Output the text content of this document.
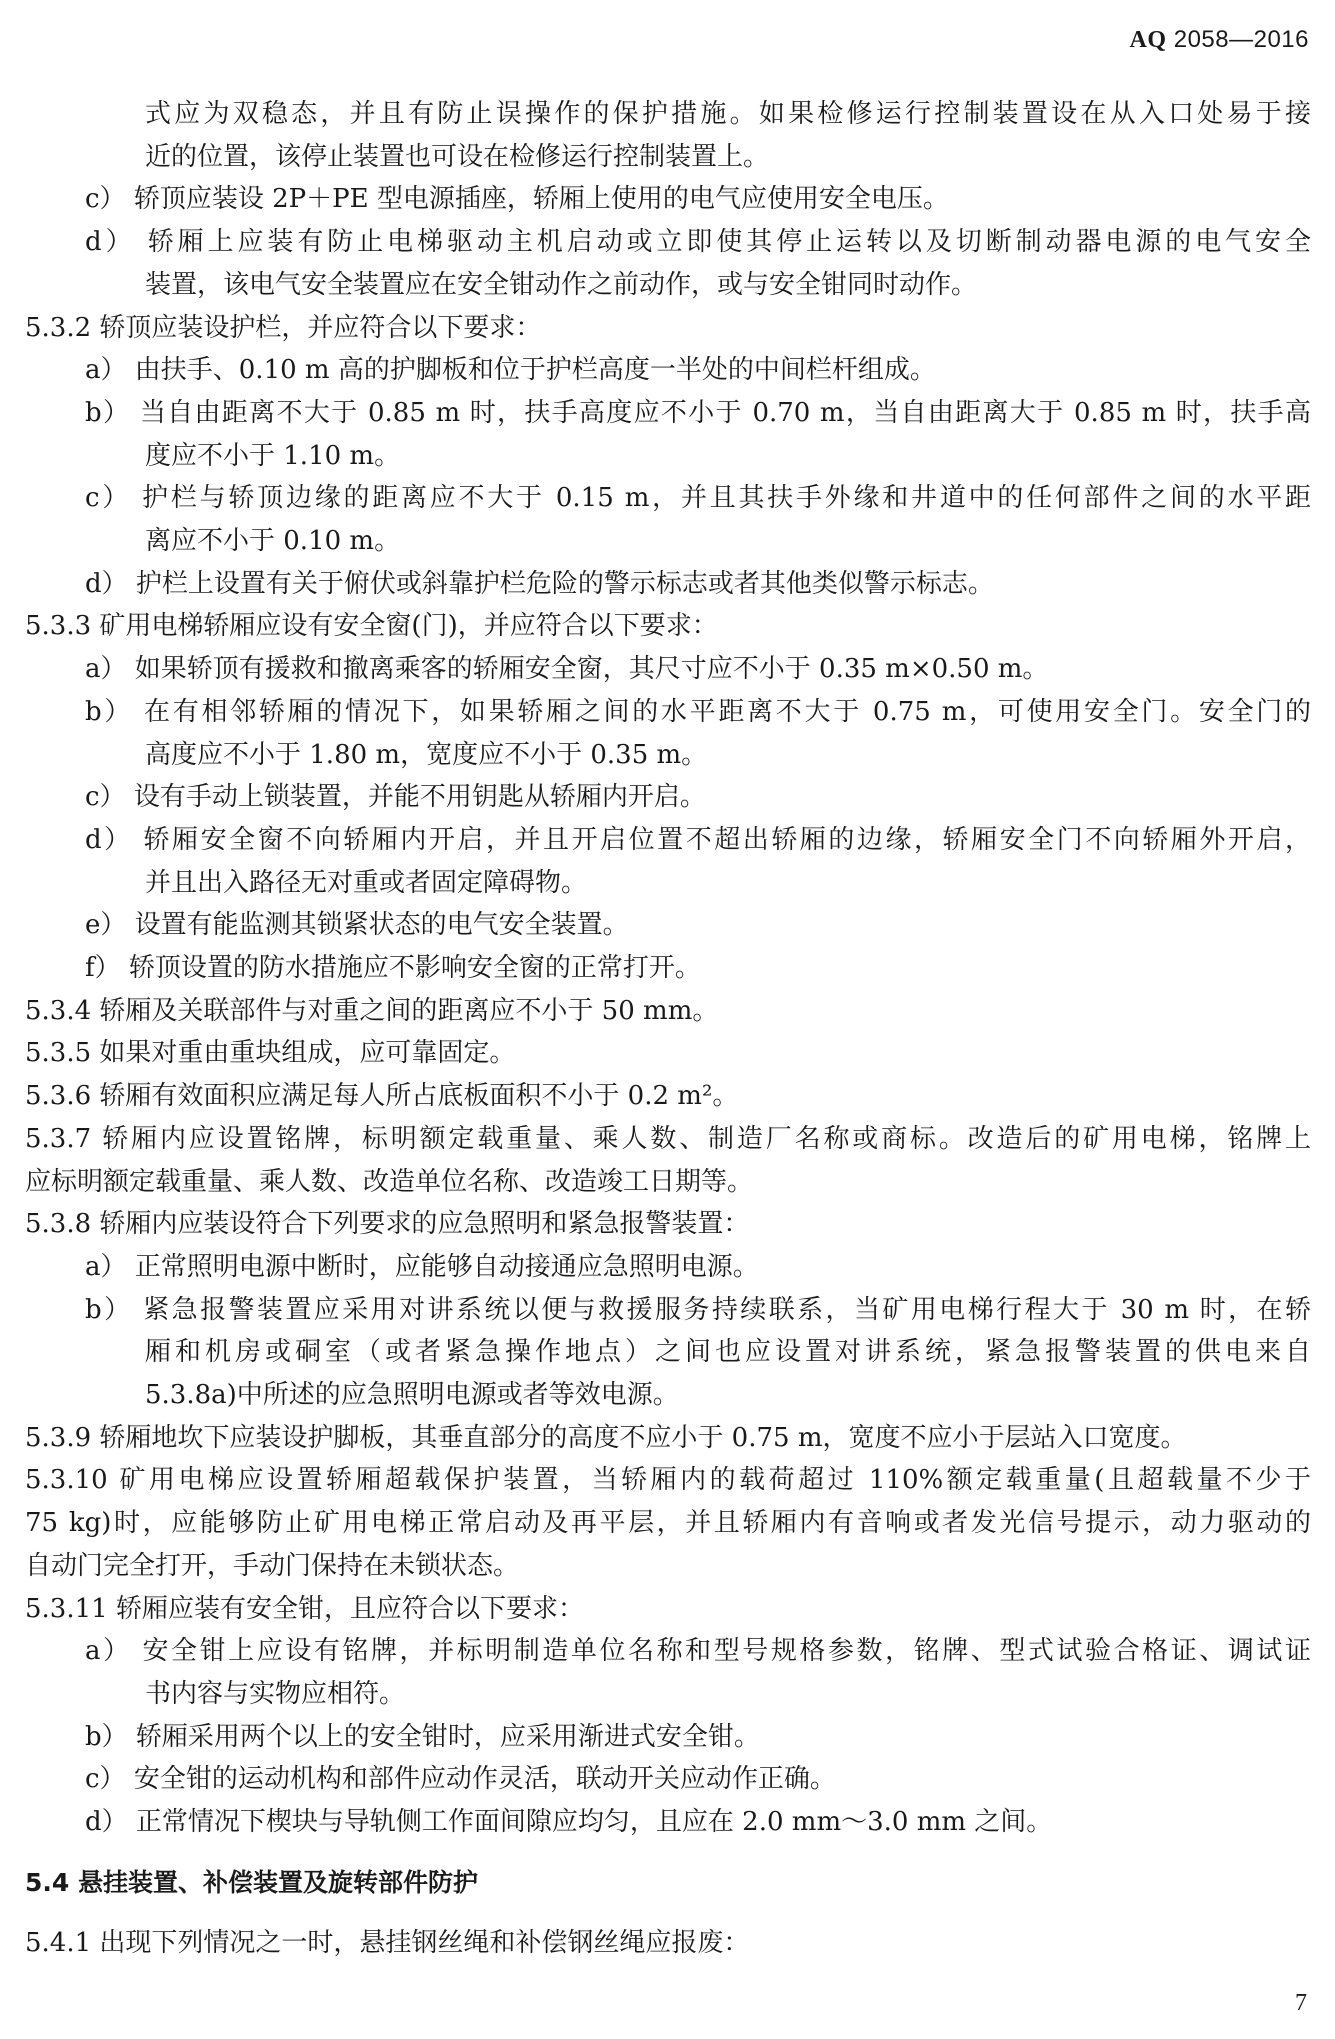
AQ 2058—2016
式应为双稳态，并且有防止误操作的保护措施。如果检修运行控制装置设在从入口处易于接
近的位置，该停止装置也可设在检修运行控制装置上。
c） 轿顶应装设 2P＋PE 型电源插座，轿厢上使用的电气应使用安全电压。
d） 轿厢上应装有防止电梯驱动主机启动或立即使其停止运转以及切断制动器电源的电气安全
装置，该电气安全装置应在安全钳动作之前动作，或与安全钳同时动作。
5.3.2 轿顶应装设护栏，并应符合以下要求：
a） 由扶手、0.10 m 高的护脚板和位于护栏高度一半处的中间栏杆组成。
b） 当自由距离不大于 0.85 m 时，扶手高度应不小于 0.70 m，当自由距离大于 0.85 m 时，扶手高
度应不小于 1.10 m。
c） 护栏与轿顶边缘的距离应不大于 0.15 m，并且其扶手外缘和井道中的任何部件之间的水平距
离应不小于 0.10 m。
d） 护栏上设置有关于俯伏或斜靠护栏危险的警示标志或者其他类似警示标志。
5.3.3 矿用电梯轿厢应设有安全窗(门)，并应符合以下要求：
a） 如果轿顶有援救和撤离乘客的轿厢安全窗，其尺寸应不小于 0.35 m×0.50 m。
b） 在有相邻轿厢的情况下，如果轿厢之间的水平距离不大于 0.75 m，可使用安全门。安全门的
高度应不小于 1.80 m，宽度应不小于 0.35 m。
c） 设有手动上锁装置，并能不用钥匙从轿厢内开启。
d） 轿厢安全窗不向轿厢内开启，并且开启位置不超出轿厢的边缘，轿厢安全门不向轿厢外开启，
并且出入路径无对重或者固定障碍物。
e） 设置有能监测其锁紧状态的电气安全装置。
f） 轿顶设置的防水措施应不影响安全窗的正常打开。
5.3.4 轿厢及关联部件与对重之间的距离应不小于 50 mm。
5.3.5 如果对重由重块组成，应可靠固定。
5.3.6 轿厢有效面积应满足每人所占底板面积不小于 0.2 m²。
5.3.7 轿厢内应设置铭牌，标明额定载重量、乘人数、制造厂名称或商标。改造后的矿用电梯，铭牌上
应标明额定载重量、乘人数、改造单位名称、改造竣工日期等。
5.3.8 轿厢内应装设符合下列要求的应急照明和紧急报警装置：
a） 正常照明电源中断时，应能够自动接通应急照明电源。
b） 紧急报警装置应采用对讲系统以便与救援服务持续联系，当矿用电梯行程大于 30 m 时，在轿
厢和机房或硐室（或者紧急操作地点）之间也应设置对讲系统，紧急报警装置的供电来自
5.3.8a)中所述的应急照明电源或者等效电源。
5.3.9 轿厢地坎下应装设护脚板，其垂直部分的高度不应小于 0.75 m，宽度不应小于层站入口宽度。
5.3.10 矿用电梯应设置轿厢超载保护装置，当轿厢内的载荷超过 110%额定载重量(且超载量不少于
75 kg)时，应能够防止矿用电梯正常启动及再平层，并且轿厢内有音响或者发光信号提示，动力驱动的
自动门完全打开，手动门保持在未锁状态。
5.3.11 轿厢应装有安全钳，且应符合以下要求：
a） 安全钳上应设有铭牌，并标明制造单位名称和型号规格参数，铭牌、型式试验合格证、调试证
书内容与实物应相符。
b） 轿厢采用两个以上的安全钳时，应采用渐进式安全钳。
c） 安全钳的运动机构和部件应动作灵活，联动开关应动作正确。
d） 正常情况下楔块与导轨侧工作面间隙应均匀，且应在 2.0 mm～3.0 mm 之间。
5.4 悬挂装置、补偿装置及旋转部件防护
5.4.1 出现下列情况之一时，悬挂钢丝绳和补偿钢丝绳应报废：
7
